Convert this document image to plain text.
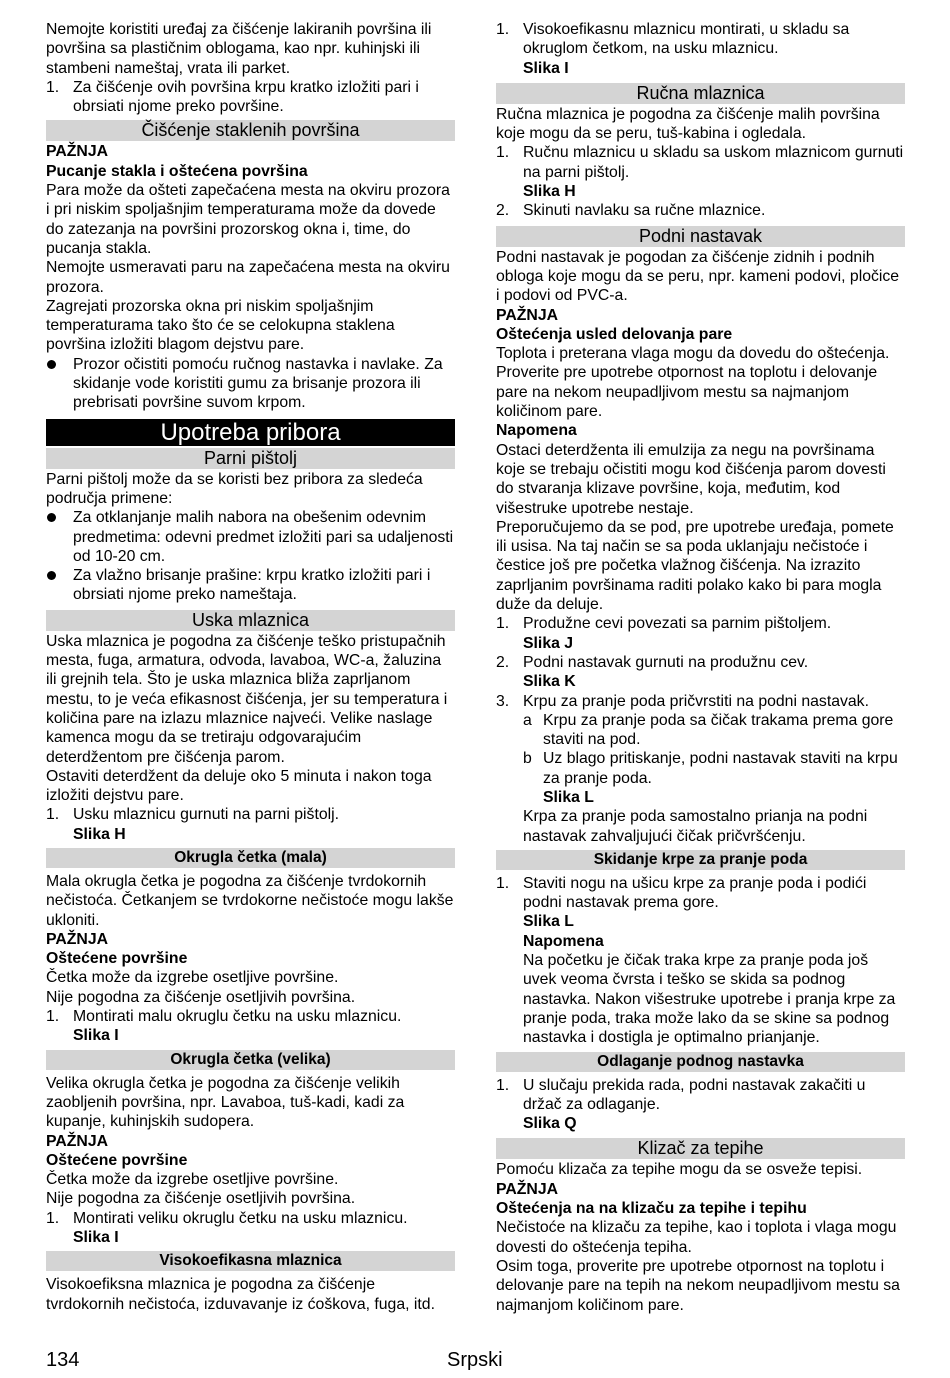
Nemojte koristiti uređaj za čišćenje lakiranih površina ili površina sa plastičnim oblogama, kao npr. kuhinjski ili stambeni nameštaj, vrata ili parket.

1. Za čišćenje ovih površina krpu kratko izložiti pari i obrsiati njome preko površine.
Čišćenje staklenih površina

PAŽNJA

Pucanje stakla i oštećena površina

Para može da ošteti zapečaćena mesta na okviru prozora i pri niskim spoljašnjim temperaturama može da dovede do zatezanja na površini prozorskog okna i, time, do pucanja stakla.

Nemojte usmeravati paru na zapečaćena mesta na okviru prozora.

Zagrejati prozorska okna pri niskim spoljašnjim temperaturama tako što će se celokupna staklena površina izložiti blagom dejstvu pare.

Prozor očistiti pomoću ručnog nastavka i navlake. Za skidanje vode koristiti gumu za brisanje prozora ili prebrisati površine suvom krpom.
Upotreba pribora
Parni pištolj

Parni pištolj može da se koristi bez pribora za sledeća područja primene:

Za otklanjanje malih nabora na obešenim odevnim predmetima: odevni predmet izložiti pari sa udaljenosti od 10-20 cm.
Za vlažno brisanje prašine: krpu kratko izložiti pari i obrsiati njome preko nameštaja.
Uska mlaznica

Uska mlaznica je pogodna za čišćenje teško pristupačnih mesta, fuga, armatura, odvoda, lavaboa, WC-a, žaluzina ili grejnih tela. Što je uska mlaznica bliža zaprljanom mestu, to je veća efikasnost čišćenja, jer su temperatura i količina pare na izlazu mlaznice najveći. Velike naslage kamenca mogu da se tretiraju odgovarajućim deterdžentom pre čišćenja parom.

Ostaviti deterdžent da deluje oko 5 minuta i nakon toga izložiti dejstvu pare.

1. Usku mlaznicu gurnuti na parni pištolj.
Slika H
Okrugla četka (mala)

Mala okrugla četka je pogodna za čišćenje tvrdokornih nečistoća. Četkanjem se tvrdokorne nečistoće mogu lakše ukloniti.

PAŽNJA

Oštećene površine

Četka može da izgrebe osetljive površine.

Nije pogodna za čišćenje osetljivih površina.

1. Montirati malu okruglu četku na usku mlaznicu.
Slika I
Okrugla četka (velika)

Velika okrugla četka je pogodna za čišćenje velikih zaobljenih površina, npr. Lavaboa, tuš-kadi, kadi za kupanje, kuhinjskih sudopera.

PAŽNJA

Oštećene površine

Četka može da izgrebe osetljive površine.

Nije pogodna za čišćenje osetljivih površina.

1. Montirati veliku okruglu četku na usku mlaznicu.
Slika I
Visokoefikasna mlaznica

Visokoefiksna mlaznica je pogodna za čišćenje tvrdokornih nečistoća, izduvavanje iz ćoškova, fuga, itd.

1. Visokoefikasnu mlaznicu montirati, u skladu sa okruglom četkom, na usku mlaznicu.
Slika I
Ručna mlaznica

Ručna mlaznica je pogodna za čišćenje malih površina koje mogu da se peru, tuš-kabina i ogledala.

1. Ručnu mlaznicu u skladu sa uskom mlaznicom gurnuti na parni pištolj.
Slika H
2. Skinuti navlaku sa ručne mlaznice.
Podni nastavak

Podni nastavak je pogodan za čišćenje zidnih i podnih obloga koje mogu da se peru, npr. kameni podovi, pločice i podovi od PVC-a.

PAŽNJA

Oštećenja usled delovanja pare

Toplota i preterana vlaga mogu da dovedu do oštećenja. Proverite pre upotrebe otpornost na toplotu i delovanje pare na nekom neupadljivom mestu sa najmanjom količinom pare.

Napomena

Ostaci deterdženta ili emulzija za negu na površinama koje se trebaju očistiti mogu kod čišćenja parom dovesti do stvaranja klizave površine, koja, međutim, kod višestruke upotrebe nestaje.

Preporučujemo da se pod, pre upotrebe uređaja, pomete ili usisa. Na taj način se sa poda uklanjaju nečistoće i čestice još pre početka vlažnog čišćenja. Na izrazito zaprljanim površinama raditi polako kako bi para mogla duže da deluje.

1. Produžne cevi povezati sa parnim pištoljem.
Slika J
2. Podni nastavak gurnuti na produžnu cev.
Slika K
3. Krpu za pranje poda pričvrstiti na podni nastavak.
a Krpu za pranje poda sa čičak trakama prema gore staviti na pod.
b Uz blago pritiskanje, podni nastavak staviti na krpu za pranje poda.
Slika L
Krpa za pranje poda samostalno prianja na podni nastavak zahvaljujući čičak pričvršćenju.
Skidanje krpe za pranje poda
1. Staviti nogu na ušicu krpe za pranje poda i podići podni nastavak prema gore.
Slika L
Napomena
Na početku je čičak traka krpe za pranje poda još uvek veoma čvrsta i teško se skida sa podnog nastavka. Nakon višestruke upotrebe i pranja krpe za pranje poda, traka može lako da se skine sa podnog nastavka i dostigla je optimalno prianjanje.
Odlaganje podnog nastavka
1. U slučaju prekida rada, podni nastavak zakačiti u držač za odlaganje.
Slika Q
Klizač za tepihe

Pomoću klizača za tepihe mogu da se osveže tepisi.

PAŽNJA

Oštećenja na na klizaču za tepihe i tepihu

Nečistoće na klizaču za tepihe, kao i toplota i vlaga mogu dovesti do oštećenja tepiha.

Osim toga, proverite pre upotrebe otpornost na toplotu i delovanje pare na tepih na nekom neupadljivom mestu sa najmanjom količinom pare.

134	Srpski
